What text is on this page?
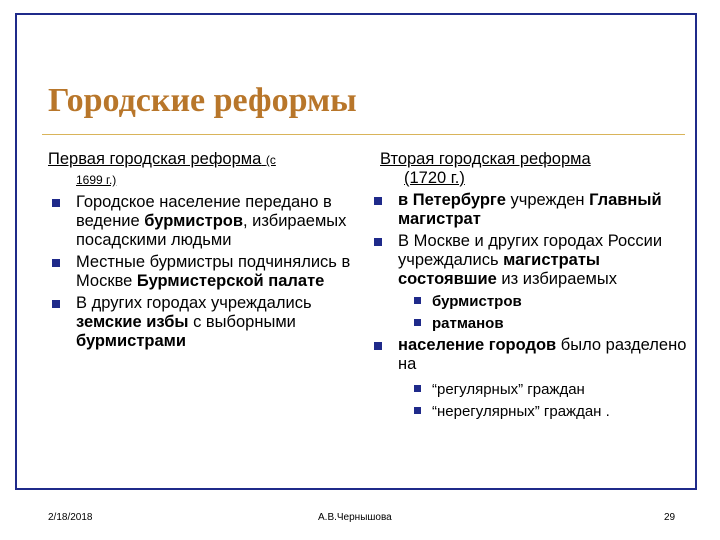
Городские реформы
Первая городская реформа (с
1699 г.)
Городское население передано в ведение бурмистров, избираемых посадскими людьми
Местные бурмистры подчинялись в Москве Бурмистерской палате
В других городах учреждались земские избы с выборными бурмистрами
Вторая городская реформа
(1720 г.)
в Петербурге учрежден Главный магистрат
В Москве и других городах России учреждались магистраты состоявшие из избираемых
бурмистров
ратманов
население городов было разделено на
“регулярных” граждан
“нерегулярных” граждан .
2/18/2018	А.В.Чернышова	29
